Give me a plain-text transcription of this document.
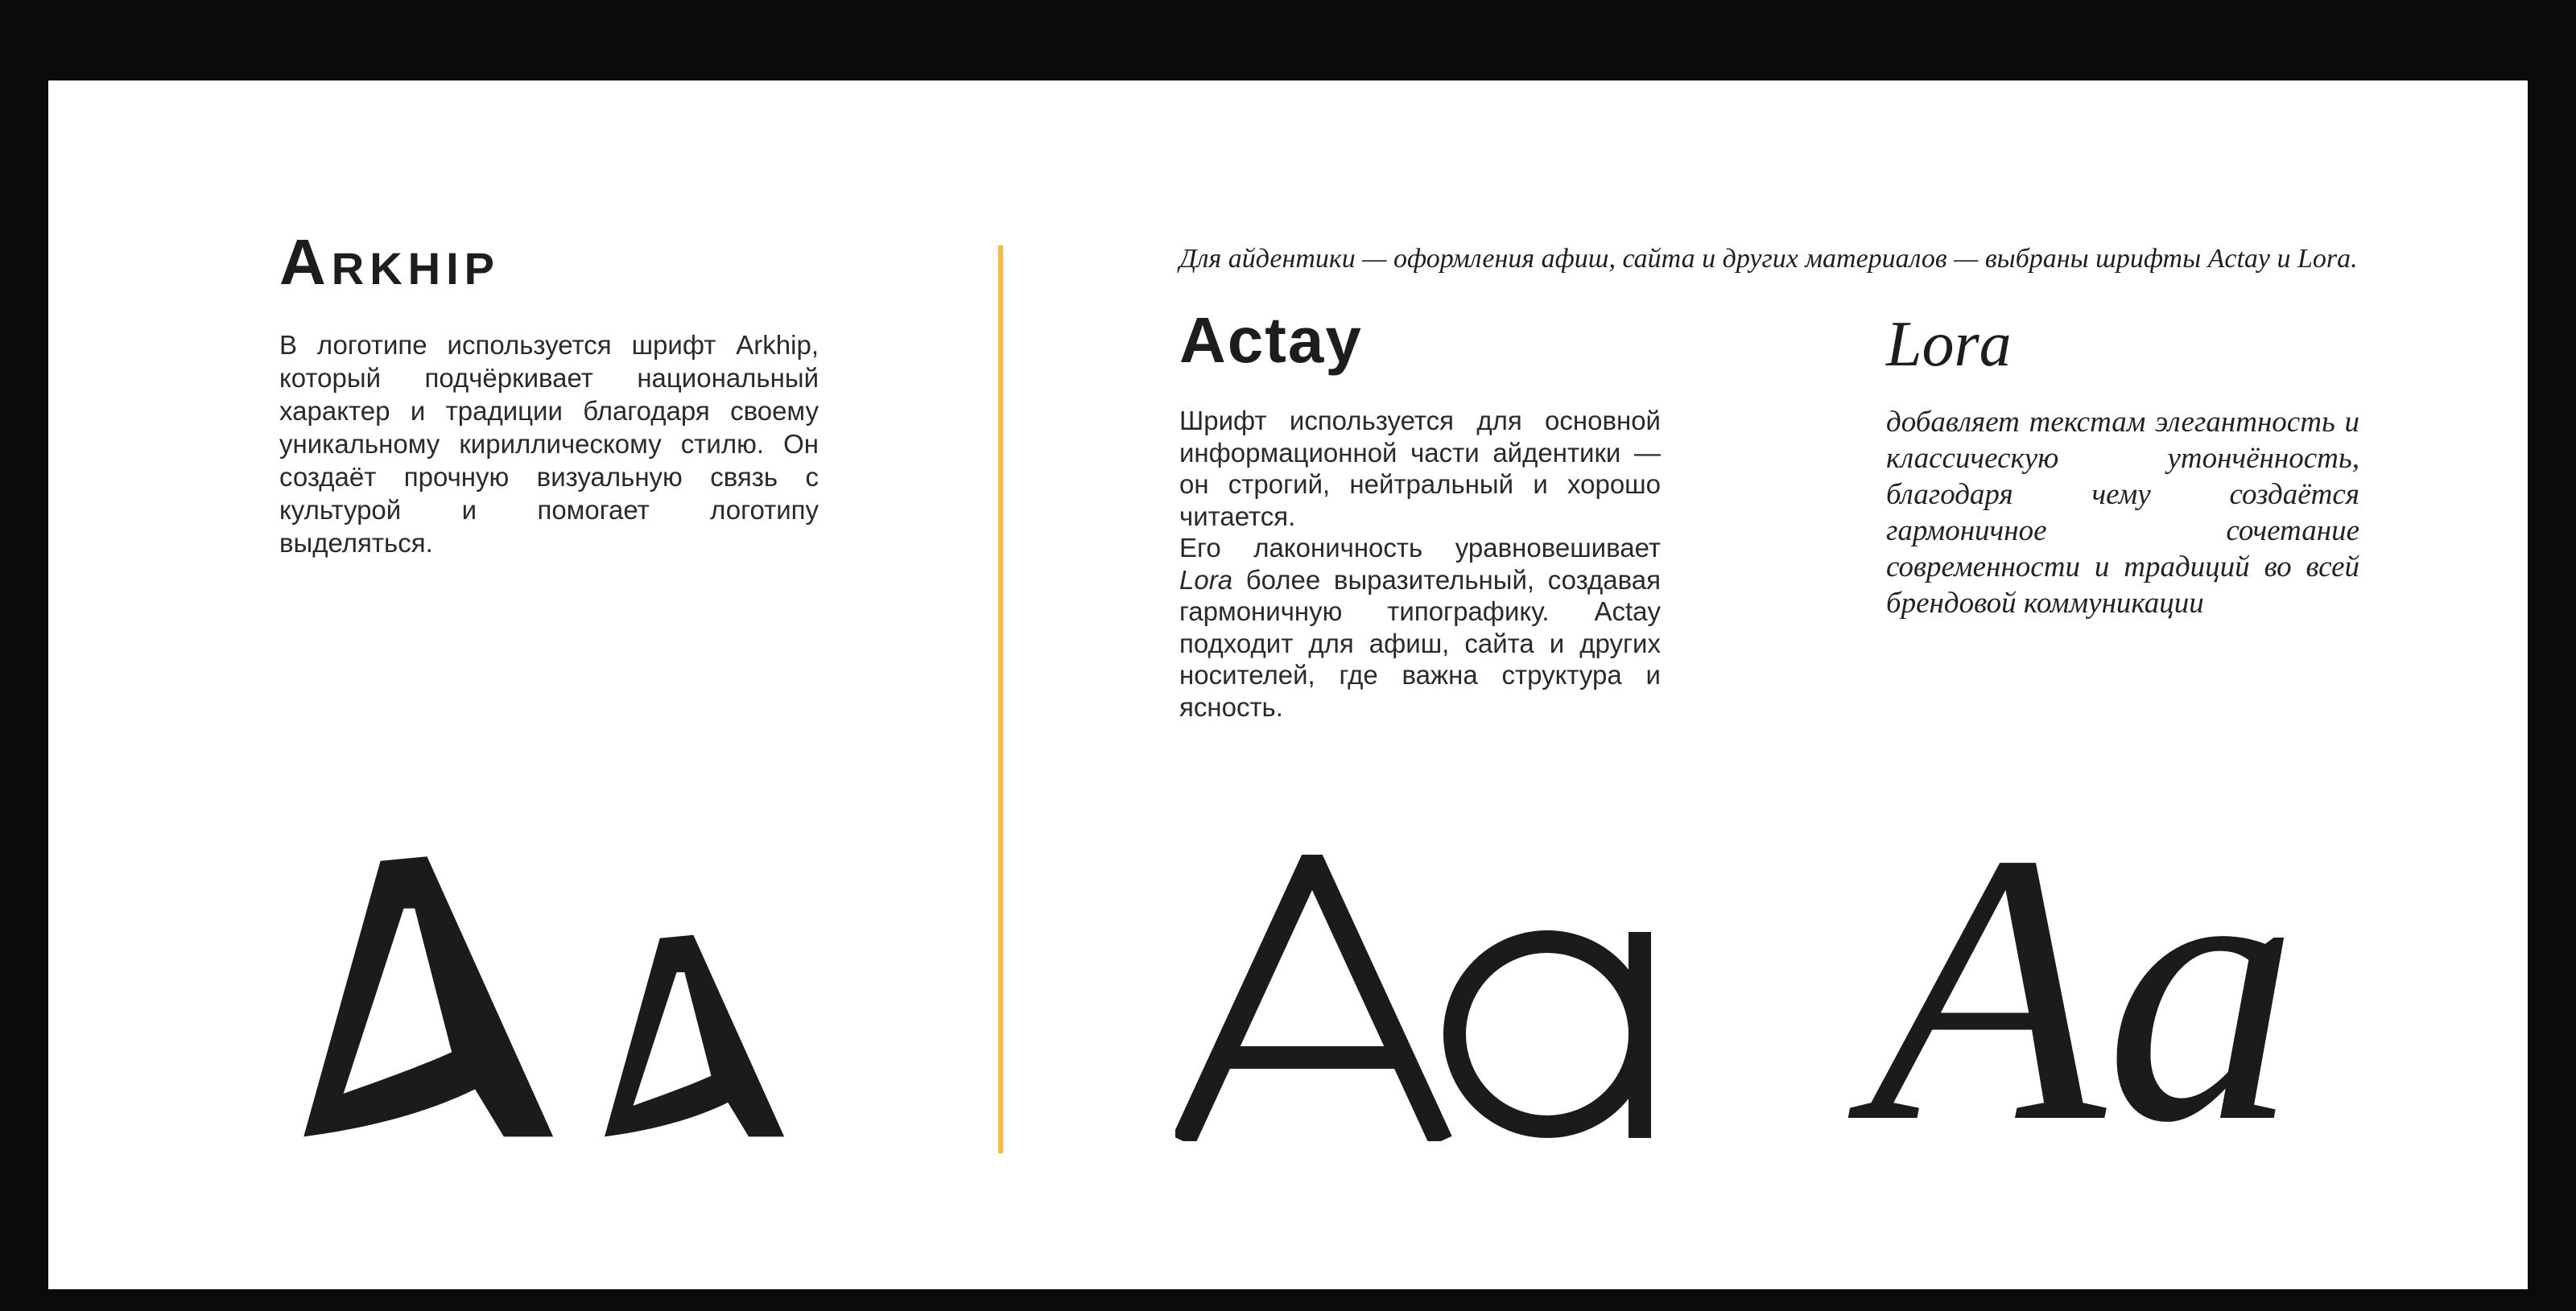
Arkhip

В логотипе используется шрифт Arkhip, который подчёркивает национальный характер и традиции благодаря своему уникальному кириллическому стилю. Он создаёт прочную визуальную связь с культурой и помогает логотипу выделяться.

Для айдентики — оформления афиш, сайта и других материалов — выбраны шрифты Actay и Lora.

Actay

Шрифт используется для основной информационной части айдентики — он строгий, нейтральный и хорошо читается.

Его лаконичность уравновешивает Lora более выразительный, создавая гармоничную типографику. Actay подходит для афиш, сайта и других носителей, где важна структура и ясность.

Lora

добавляет текстам элегантность и классическую утончённость, благодаря чему создаётся гармоничное сочетание современности и традиций во всей брендовой коммуникации

Aa
